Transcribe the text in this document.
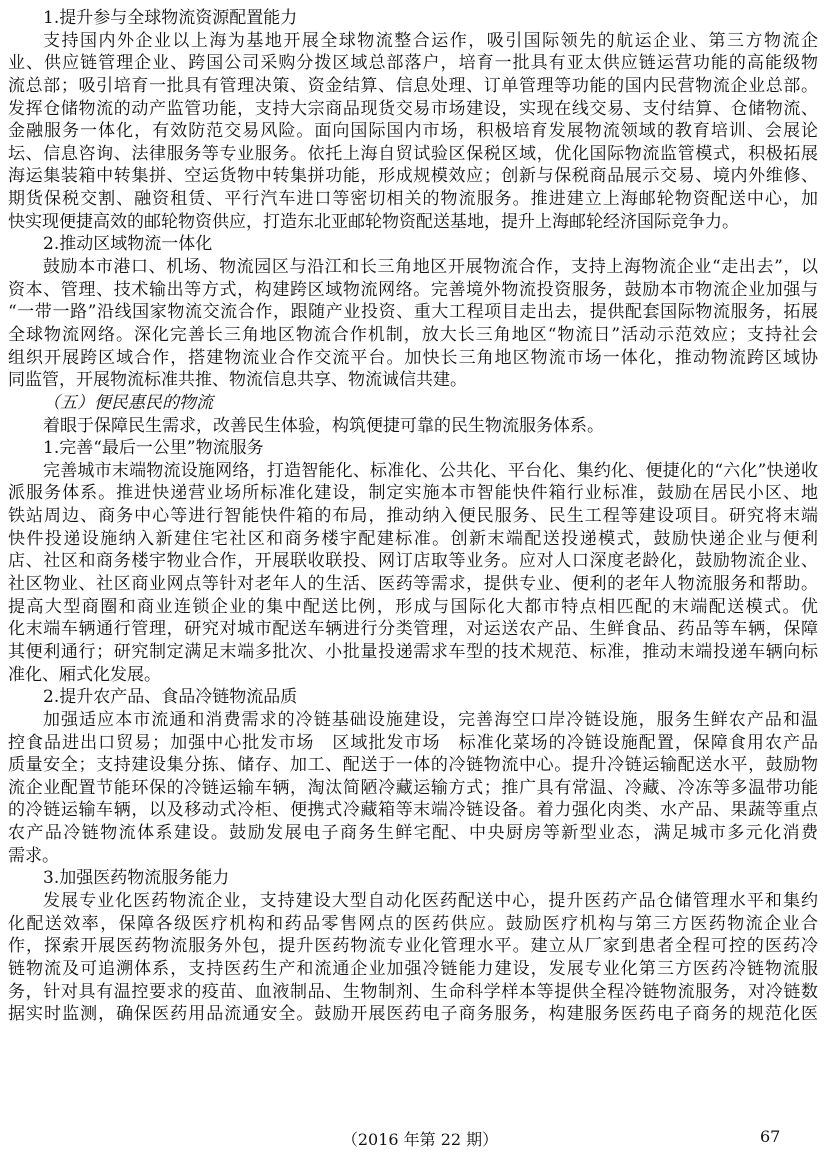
1.提升参与全球物流资源配置能力
支持国内外企业以上海为基地开展全球物流整合运作，吸引国际领先的航运企业、第三方物流企
业、供应链管理企业、跨国公司采购分拨区域总部落户，培育一批具有亚太供应链运营功能的高能级物
流总部；吸引培育一批具有管理决策、资金结算、信息处理、订单管理等功能的国内民营物流企业总部。
发挥仓储物流的动产监管功能，支持大宗商品现货交易市场建设，实现在线交易、支付结算、仓储物流、
金融服务一体化，有效防范交易风险。面向国际国内市场，积极培育发展物流领域的教育培训、会展论
坛、信息咨询、法律服务等专业服务。依托上海自贸试验区保税区域，优化国际物流监管模式，积极拓展
海运集装箱中转集拼、空运货物中转集拼功能，形成规模效应；创新与保税商品展示交易、境内外维修、
期货保税交割、融资租赁、平行汽车进口等密切相关的物流服务。推进建立上海邮轮物资配送中心，加
快实现便捷高效的邮轮物资供应，打造东北亚邮轮物资配送基地，提升上海邮轮经济国际竞争力。
2.推动区域物流一体化
鼓励本市港口、机场、物流园区与沿江和长三角地区开展物流合作，支持上海物流企业“走出去”，以
资本、管理、技术输出等方式，构建跨区域物流网络。完善境外物流投资服务，鼓励本市物流企业加强与
“一带一路”沿线国家物流交流合作，跟随产业投资、重大工程项目走出去，提供配套国际物流服务，拓展
全球物流网络。深化完善长三角地区物流合作机制，放大长三角地区“物流日”活动示范效应；支持社会
组织开展跨区域合作，搭建物流业合作交流平台。加快长三角地区物流市场一体化，推动物流跨区域协
同监管，开展物流标准共推、物流信息共享、物流诚信共建。
（五）便民惠民的物流
着眼于保障民生需求，改善民生体验，构筑便捷可靠的民生物流服务体系。
1.完善“最后一公里”物流服务
完善城市末端物流设施网络，打造智能化、标准化、公共化、平台化、集约化、便捷化的“六化”快递收
派服务体系。推进快递营业场所标准化建设，制定实施本市智能快件箱行业标准，鼓励在居民小区、地
铁站周边、商务中心等进行智能快件箱的布局，推动纳入便民服务、民生工程等建设项目。研究将末端
快件投递设施纳入新建住宅社区和商务楼宇配建标准。创新末端配送投递模式，鼓励快递企业与便利
店、社区和商务楼宇物业合作，开展联收联投、网订店取等业务。应对人口深度老龄化，鼓励物流企业、
社区物业、社区商业网点等针对老年人的生活、医药等需求，提供专业、便利的老年人物流服务和帮助。
提高大型商圈和商业连锁企业的集中配送比例，形成与国际化大都市特点相匹配的末端配送模式。优
化末端车辆通行管理，研究对城市配送车辆进行分类管理，对运送农产品、生鲜食品、药品等车辆，保障
其便利通行；研究制定满足末端多批次、小批量投递需求车型的技术规范、标准，推动末端投递车辆向标
准化、厢式化发展。
2.提升农产品、食品冷链物流品质
加强适应本市流通和消费需求的冷链基础设施建设，完善海空口岸冷链设施，服务生鲜农产品和温
控食品进出口贸易；加强中心批发市场　区域批发市场　标准化菜场的冷链设施配置，保障食用农产品
质量安全；支持建设集分拣、储存、加工、配送于一体的冷链物流中心。提升冷链运输配送水平，鼓励物
流企业配置节能环保的冷链运输车辆，淘汰简陋冷藏运输方式；推广具有常温、冷藏、冷冻等多温带功能
的冷链运输车辆，以及移动式冷柜、便携式冷藏箱等末端冷链设备。着力强化肉类、水产品、果蔬等重点
农产品冷链物流体系建设。鼓励发展电子商务生鲜宅配、中央厨房等新型业态，满足城市多元化消费
需求。
3.加强医药物流服务能力
发展专业化医药物流企业，支持建设大型自动化医药配送中心，提升医药产品仓储管理水平和集约
化配送效率，保障各级医疗机构和药品零售网点的医药供应。鼓励医疗机构与第三方医药物流企业合
作，探索开展医药物流服务外包，提升医药物流专业化管理水平。建立从厂家到患者全程可控的医药冷
链物流及可追溯体系，支持医药生产和流通企业加强冷链能力建设，发展专业化第三方医药冷链物流服
务，针对具有温控要求的疫苗、血液制品、生物制剂、生命科学样本等提供全程冷链物流服务，对冷链数
据实时监测，确保医药用品流通安全。鼓励开展医药电子商务服务，构建服务医药电子商务的规范化医
（2016 年第 22 期）	67
